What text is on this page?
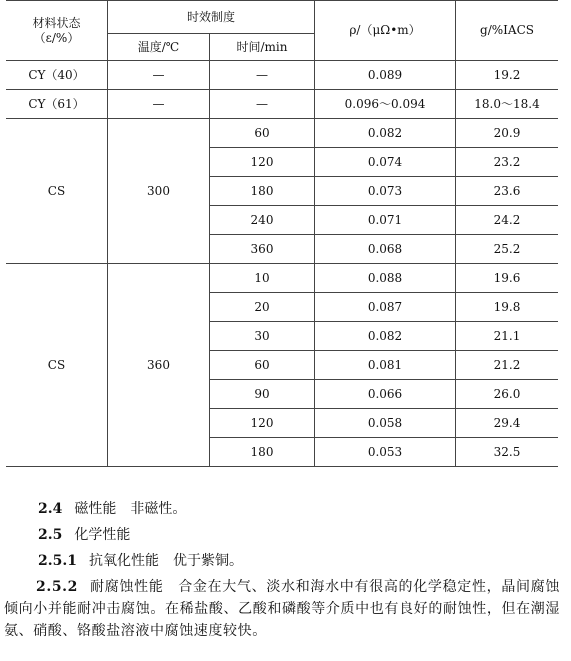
材料状态
（ε/%）	时效制度		ρ/（μΩ•m）	g/%IACS
	温度/℃	时间/min		
CY（40）	—	—	0.089	19.2
CY（61）	—	—	0.096～0.094	18.0～18.4
CS	300	60	0.082	20.9
		120	0.074	23.2
		180	0.073	23.6
		240	0.071	24.2
		360	0.068	25.2
CS	360	10	0.088	19.6
		20	0.087	19.8
		30	0.082	21.1
		60	0.081	21.2
		90	0.066	26.0
		120	0.058	29.4
		180	0.053	32.5
2.4 磁性能　非磁性。
2.5 化学性能
2.5.1 抗氧化性能　优于紫铜。
2.5.2 耐腐蚀性能　合金在大气、淡水和海水中有很高的化学稳定性，晶间腐蚀倾向小并能耐冲击腐蚀。在稀盐酸、乙酸和磷酸等介质中也有良好的耐蚀性，但在潮湿氨、硝酸、铬酸盐溶液中腐蚀速度较快。
